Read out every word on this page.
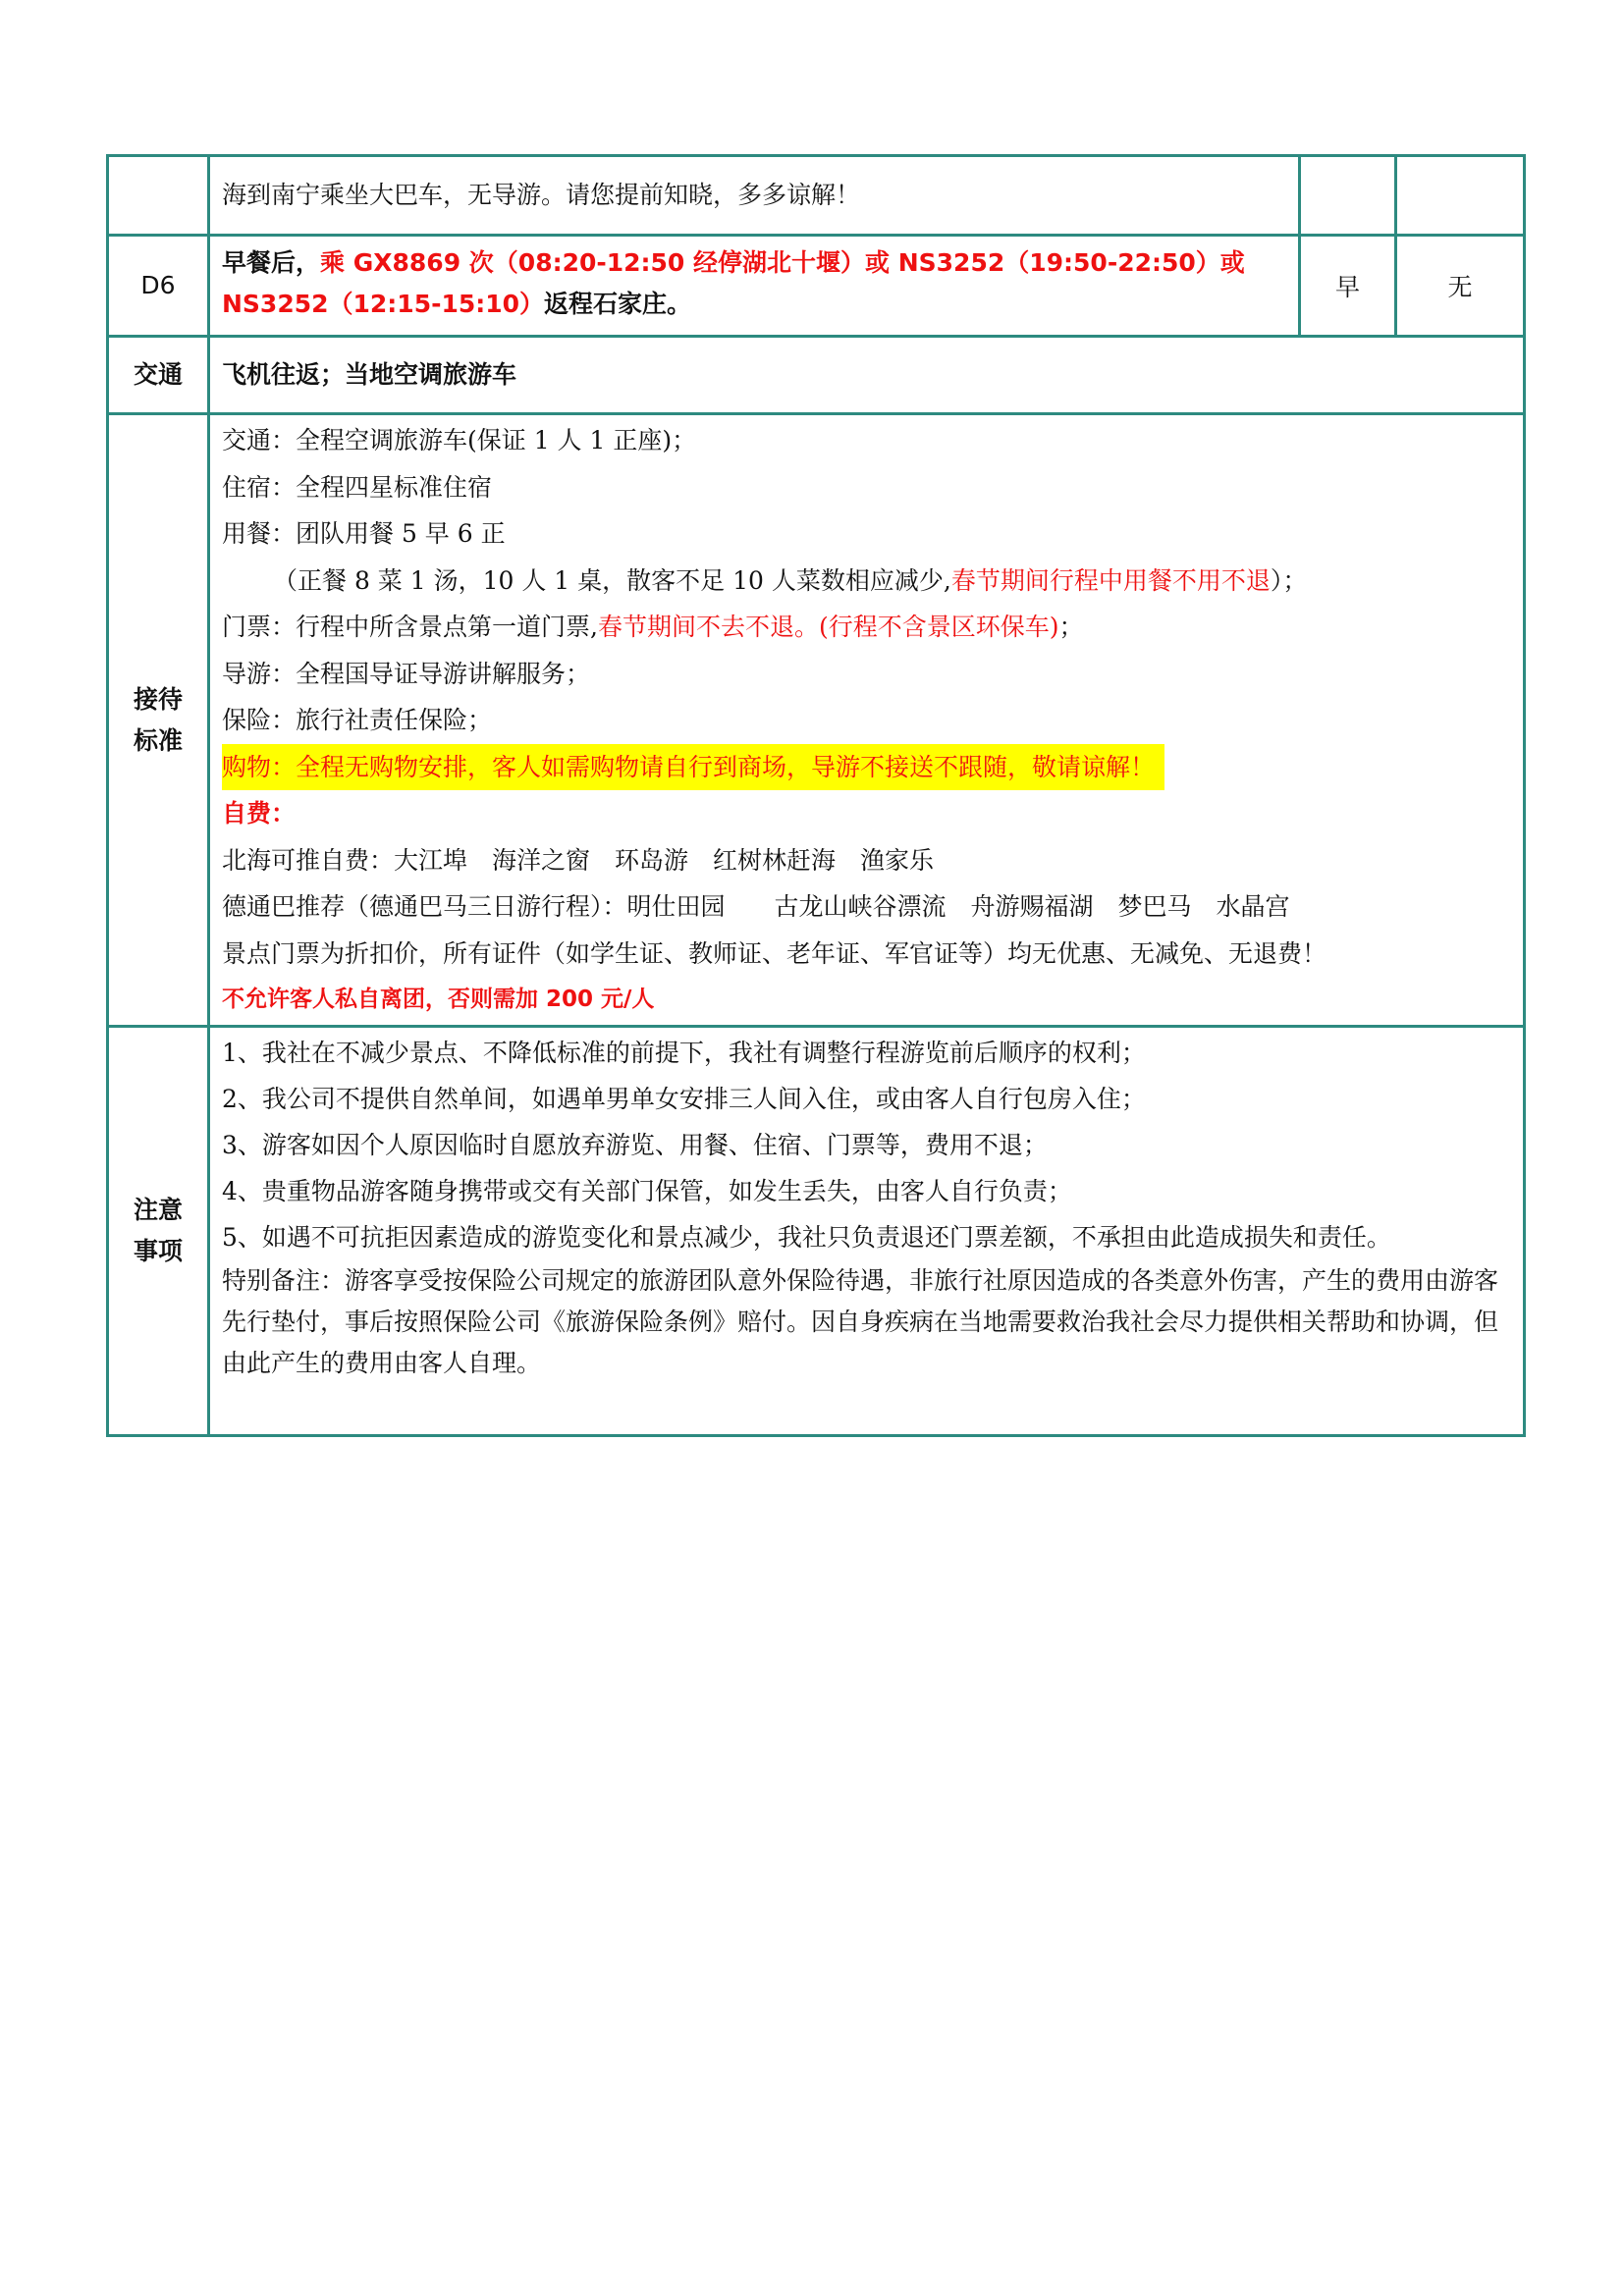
海到南宁乘坐大巴车，无导游。请您提前知晓，多多谅解！
D6
早餐后，乘 GX8869 次（08:20-12:50 经停湖北十堰）或 NS3252（19:50-22:50）或
NS3252（12:15-15:10）返程石家庄。
早	无
交通	飞机往返；当地空调旅游车
接待
标准
交通：全程空调旅游车(保证 1 人 1 正座)；
住宿：全程四星标准住宿
用餐：团队用餐 5 早 6 正
（正餐 8 菜 1 汤，10 人 1 桌，散客不足 10 人菜数相应减少,春节期间行程中用餐不用不退）；
门票：行程中所含景点第一道门票,春节期间不去不退。(行程不含景区环保车)；
导游：全程国导证导游讲解服务；
保险：旅行社责任保险；
购物：全程无购物安排，客人如需购物请自行到商场，导游不接送不跟随，敬请谅解！
自费：
北海可推自费：大江埠　海洋之窗　环岛游　红树林赶海　渔家乐
德通巴推荐（德通巴马三日游行程）：明仕田园　　古龙山峡谷漂流　舟游赐福湖　梦巴马　水晶宫
景点门票为折扣价，所有证件（如学生证、教师证、老年证、军官证等）均无优惠、无减免、无退费！
不允许客人私自离团，否则需加 200 元/人
注意
事项
1、我社在不减少景点、不降低标准的前提下，我社有调整行程游览前后顺序的权利；
2、我公司不提供自然单间，如遇单男单女安排三人间入住，或由客人自行包房入住；
3、游客如因个人原因临时自愿放弃游览、用餐、住宿、门票等，费用不退；
4、贵重物品游客随身携带或交有关部门保管，如发生丢失，由客人自行负责；
5、如遇不可抗拒因素造成的游览变化和景点减少，我社只负责退还门票差额，不承担由此造成损失和责任。
特别备注：游客享受按保险公司规定的旅游团队意外保险待遇，非旅行社原因造成的各类意外伤害，产生的费用由游客先行垫付，事后按照保险公司《旅游保险条例》赔付。因自身疾病在当地需要救治我社会尽力提供相关帮助和协调，但由此产生的费用由客人自理。
